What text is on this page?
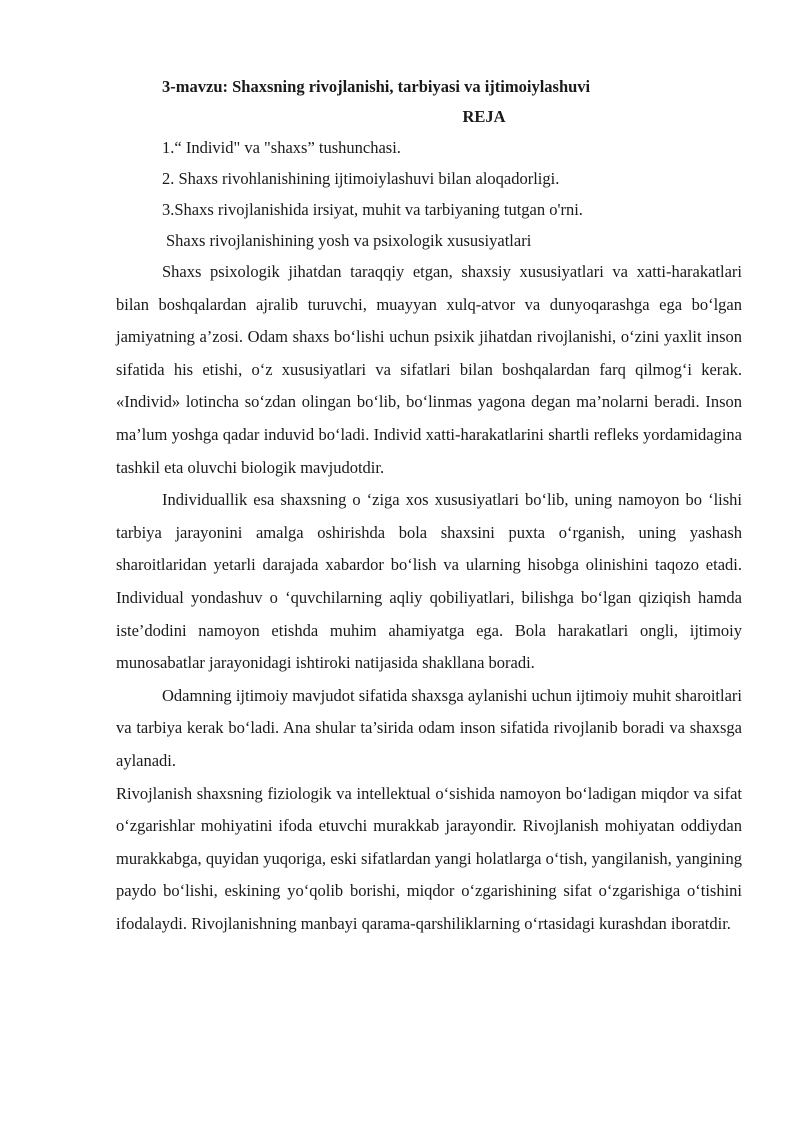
3-mavzu: Shaxsning rivojlanishi, tarbiyasi va ijtimoiylashuvi
REJA
1.“ Individ" va "shaxs” tushunchasi.
2. Shaxs rivohlanishining ijtimoiylashuvi bilan aloqadorligi.
3.Shaxs rivojlanishida irsiyat, muhit va tarbiyaning tutgan o'rni.
Shaxs rivojlanishining yosh va psixologik xususiyatlari

Shaxs psixologik jihatdan taraqqiy etgan, shaxsiy xususiyatlari va xatti-harakatlari bilan boshqalardan ajralib turuvchi, muayyan xulq-atvor va dunyoqarashga ega bo‘lgan jamiyatning a’zosi. Odam shaxs bo‘lishi uchun psixik jihatdan rivojlanishi, o‘zini yaxlit inson sifatida his etishi, o‘z xususiyatlari va sifatlari bilan boshqalardan farq qilmog‘i kerak. «Individ» lotincha so‘zdan olingan bo‘lib, bo‘linmas yagona degan ma’nolarni beradi. Inson ma’lum yoshga qadar induvid bo‘ladi. Individ xatti-harakatlarini shartli refleks yordamidagina tashkil eta oluvchi biologik mavjudotdir.

Individuallik esa shaxsning o ‘ziga xos xususiyatlari bo‘lib, uning namoyon bo ‘lishi tarbiya jarayonini amalga oshirishda bola shaxsini puxta o‘rganish, uning yashash sharoitlaridan yetarli darajada xabardor bo‘lish va ularning hisobga olinishini taqozo etadi. Individual yondashuv o ‘quvchilarning aqliy qobiliyatlari, bilishga bo‘lgan qiziqish hamda iste’dodini namoyon etishda muhim ahamiyatga ega. Bola harakatlari ongli, ijtimoiy munosabatlar jarayonidagi ishtiroki natijasida shakllana boradi.

Odamning ijtimoiy mavjudot sifatida shaxsga aylanishi uchun ijtimoiy muhit sharoitlari va tarbiya kerak bo‘ladi. Ana shular ta’sirida odam inson sifatida rivojlanib boradi va shaxsga aylanadi.

Rivojlanish shaxsning fiziologik va intellektual o‘sishida namoyon bo‘ladigan miqdor va sifat o‘zgarishlar mohiyatini ifoda etuvchi murakkab jarayondir. Rivojlanish mohiyatan oddiydan murakkabga, quyidan yuqoriga, eski sifatlardan yangi holatlarga o‘tish, yangilanish, yangining paydo bo‘lishi, eskining yo‘qolib borishi, miqdor o‘zgarishining sifat o‘zgarishiga o‘tishini ifodalaydi. Rivojlanishning manbayi qarama-qarshiliklarning o‘rtasidagi kurashdan iboratdir.
